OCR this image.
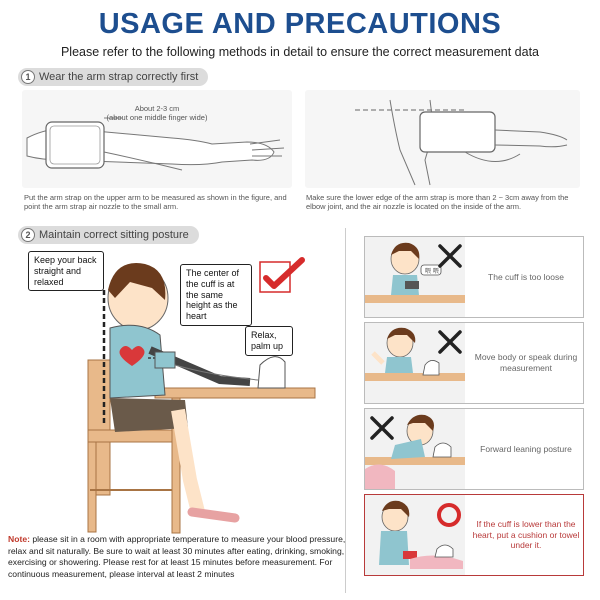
USAGE AND PRECAUTIONS
Please refer to the following methods in detail to ensure the correct measurement data
1 Wear the arm strap correctly first
About 2-3 cm
(about one middle finger wide)
Put the arm strap on the upper arm to be measured as shown in the figure, and point the arm strap air nozzle to the small arm.
Make sure the lower edge of the arm strap is more than 2 ~ 3cm away from the elbow joint, and the air nozzle is located on the inside of the arm.
2 Maintain correct sitting posture
Keep your back straight and relaxed
The center of the cuff is at the same height as the heart
Relax, palm up
Note: please sit in a room with appropriate temperature to measure your blood pressure, relax and sit naturally. Be sure to wait at least 30 minutes after eating, drinking, smoking, exercising or showering. Please rest for at least 15 minutes before measurement. For continuous measurement, please interval at least 2 minutes
喂 喂
The cuff is too loose
Move body or speak during measurement
Forward leaning posture
If the cuff is lower than the heart, put a cushion or towel under it.
